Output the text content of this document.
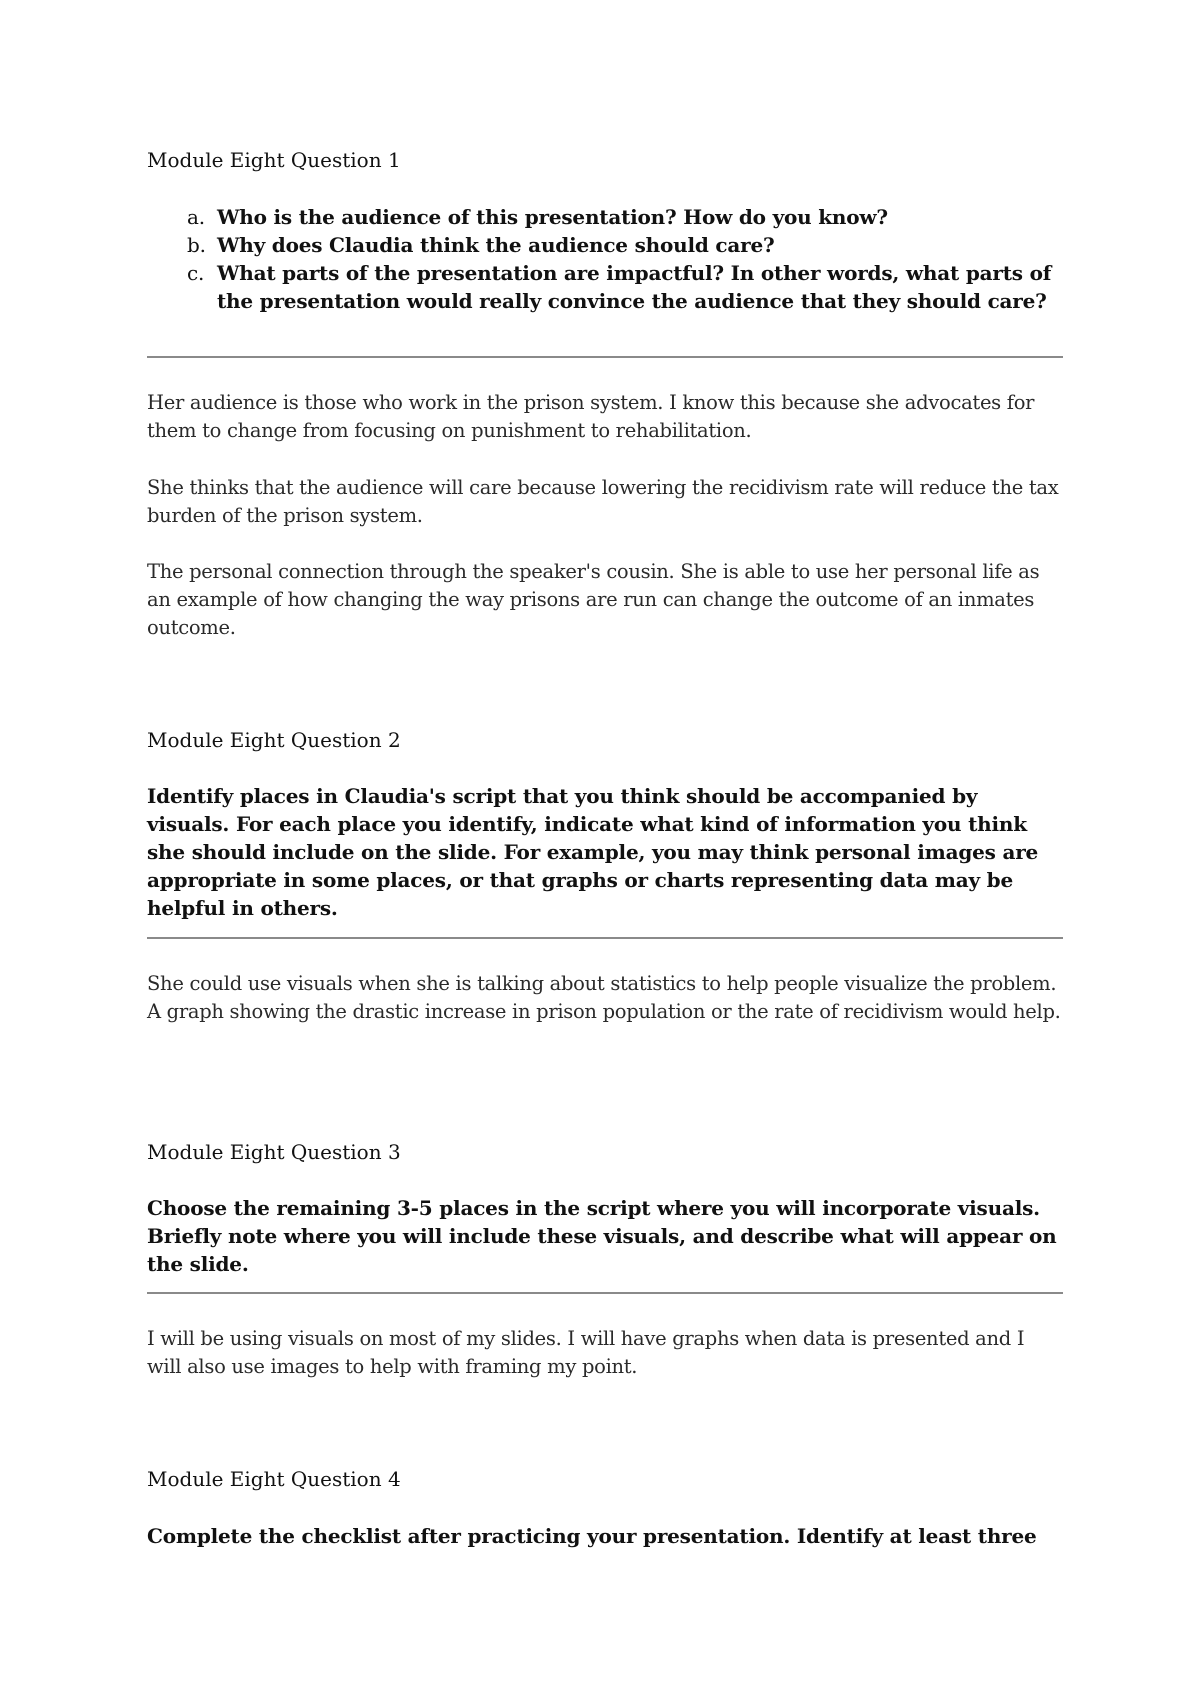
Module Eight Question 1
a. Who is the audience of this presentation? How do you know?
b. Why does Claudia think the audience should care?
c. What parts of the presentation are impactful? In other words, what parts of the presentation would really convince the audience that they should care?

Her audience is those who work in the prison system. I know this because she advocates for them to change from focusing on punishment to rehabilitation.

She thinks that the audience will care because lowering the recidivism rate will reduce the tax burden of the prison system.

The personal connection through the speaker's cousin. She is able to use her personal life as an example of how changing the way prisons are run can change the outcome of an inmates outcome.

Module Eight Question 2
Identify places in Claudia's script that you think should be accompanied by visuals. For each place you identify, indicate what kind of information you think she should include on the slide. For example, you may think personal images are appropriate in some places, or that graphs or charts representing data may be helpful in others.

She could use visuals when she is talking about statistics to help people visualize the problem. A graph showing the drastic increase in prison population or the rate of recidivism would help.

Module Eight Question 3
Choose the remaining 3-5 places in the script where you will incorporate visuals. Briefly note where you will include these visuals, and describe what will appear on the slide.

I will be using visuals on most of my slides. I will have graphs when data is presented and I will also use images to help with framing my point.

Module Eight Question 4
Complete the checklist after practicing your presentation. Identify at least three
